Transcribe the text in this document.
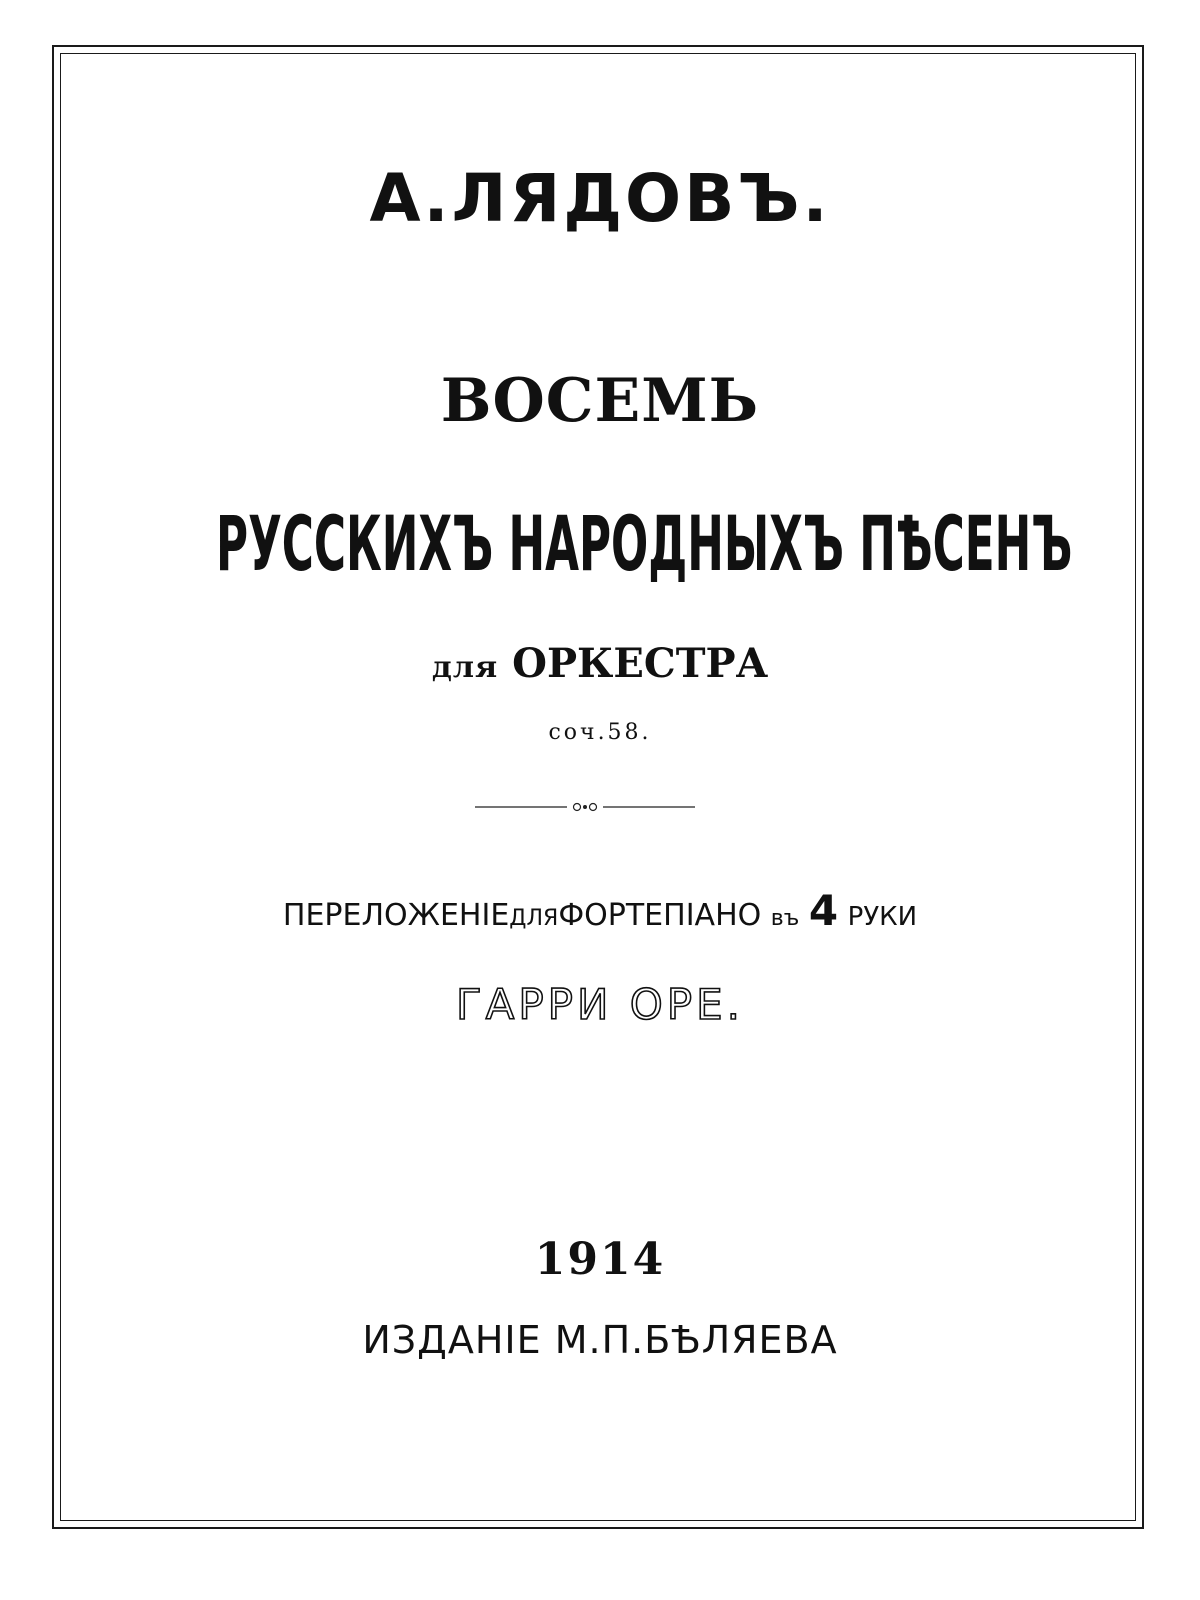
А.ЛЯДОВЪ.
ВОСЕМЬ
РУССКИХЪ НАРОДНЫХЪ ПѢСЕНЪ
для ОРКЕСТРА
соч.58.
ПЕРЕЛОЖЕНІЕДЛЯФОРТЕПІАНО въ 4 РУКИ
ГАРРИ ОРЕ.
1914
ИЗДАНІЕ М.П.БѢЛЯЕВА
